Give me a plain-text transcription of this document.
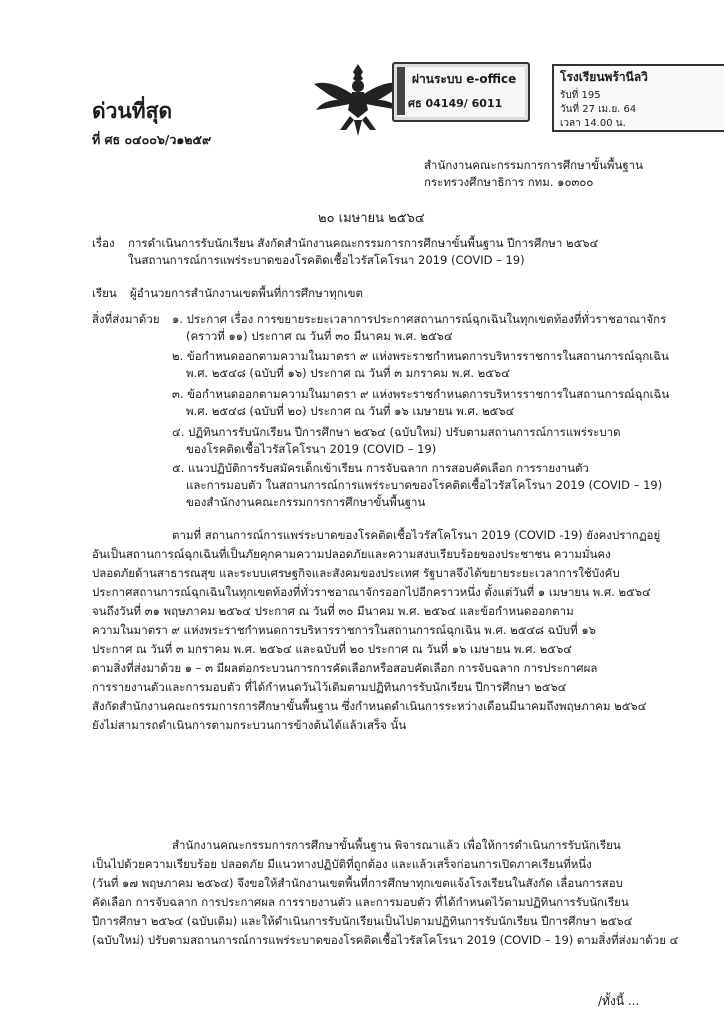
ด่วนที่สุด
ที่ ศธ ๐๔๐๐๖/ว๑๒๕๙
ผ่านระบบ e-office
ศธ 04149/ 6011
โรงเรียนพร้านีลวิ
รับที่ 195
วันที่ 27 เม.ย. 64
เวลา 14.00 น.
สำนักงานคณะกรรมการการศึกษาขั้นพื้นฐาน
กระทรวงศึกษาธิการ กทม. ๑๐๓๐๐
๒๐ เมษายน ๒๕๖๔
เรื่อง การดำเนินการรับนักเรียน สังกัดสำนักงานคณะกรรมการการศึกษาขั้นพื้นฐาน ปีการศึกษา ๒๕๖๔
ในสถานการณ์การแพร่ระบาดของโรคติดเชื้อไวรัสโคโรนา 2019 (COVID – 19)
เรียน ผู้อำนวยการสำนักงานเขตพื้นที่การศึกษาทุกเขต
สิ่งที่ส่งมาด้วย ๑. ประกาศ เรื่อง การขยายระยะเวลาการประกาศสถานการณ์ฉุกเฉินในทุกเขตท้องที่ทั่วราชอาณาจักร
(คราวที่ ๑๑) ประกาศ ณ วันที่ ๓๐ มีนาคม พ.ศ. ๒๕๖๔
๒. ข้อกำหนดออกตามความในมาตรา ๙ แห่งพระราชกำหนดการบริหารราชการในสถานการณ์ฉุกเฉิน
พ.ศ. ๒๕๔๘ (ฉบับที่ ๑๖) ประกาศ ณ วันที่ ๓ มกราคม พ.ศ. ๒๕๖๔
๓. ข้อกำหนดออกตามความในมาตรา ๙ แห่งพระราชกำหนดการบริหารราชการในสถานการณ์ฉุกเฉิน
พ.ศ. ๒๕๔๘ (ฉบับที่ ๒๐) ประกาศ ณ วันที่ ๑๖ เมษายน พ.ศ. ๒๕๖๔
๔. ปฏิทินการรับนักเรียน ปีการศึกษา ๒๕๖๔ (ฉบับใหม่) ปรับตามสถานการณ์การแพร่ระบาด
ของโรคติดเชื้อไวรัสโคโรนา 2019 (COVID – 19)
๕. แนวปฏิบัติการรับสมัครเด็กเข้าเรียน การจับฉลาก การสอบคัดเลือก การรายงานตัว
และการมอบตัว ในสถานการณ์การแพร่ระบาดของโรคติดเชื้อไวรัสโคโรนา 2019 (COVID – 19)
ของสำนักงานคณะกรรมการการศึกษาขั้นพื้นฐาน
ตามที่ สถานการณ์การแพร่ระบาดของโรคติดเชื้อไวรัสโคโรนา 2019 (COVID -19) ยังคงปรากฏอยู่
อันเป็นสถานการณ์ฉุกเฉินที่เป็นภัยคุกคามความปลอดภัยและความสงบเรียบร้อยของประชาชน ความมั่นคง
ปลอดภัยด้านสาธารณสุข และระบบเศรษฐกิจและสังคมของประเทศ รัฐบาลจึงได้ขยายระยะเวลาการใช้บังคับ
ประกาศสถานการณ์ฉุกเฉินในทุกเขตท้องที่ทั่วราชอาณาจักรออกไปอีกคราวหนึ่ง ตั้งแต่วันที่ ๑ เมษายน พ.ศ. ๒๕๖๔
จนถึงวันที่ ๓๑ พฤษภาคม ๒๕๖๔ ประกาศ ณ วันที่ ๓๐ มีนาคม พ.ศ. ๒๕๖๔ และข้อกำหนดออกตาม
ความในมาตรา ๙ แห่งพระราชกำหนดการบริหารราชการในสถานการณ์ฉุกเฉิน พ.ศ. ๒๕๔๘ ฉบับที่ ๑๖
ประกาศ ณ วันที่ ๓ มกราคม พ.ศ. ๒๕๖๔ และฉบับที่ ๒๐ ประกาศ ณ วันที่ ๑๖ เมษายน พ.ศ. ๒๕๖๔
ตามสิ่งที่ส่งมาด้วย ๑ – ๓ มีผลต่อกระบวนการการคัดเลือกหรือสอบคัดเลือก การจับฉลาก การประกาศผล
การรายงานตัวและการมอบตัว ที่ได้กำหนดวันไว้เดิมตามปฏิทินการรับนักเรียน ปีการศึกษา ๒๕๖๔
สังกัดสำนักงานคณะกรรมการการศึกษาขั้นพื้นฐาน ซึ่งกำหนดดำเนินการระหว่างเดือนมีนาคมถึงพฤษภาคม ๒๕๖๔
ยังไม่สามารถดำเนินการตามกระบวนการข้างต้นได้แล้วเสร็จ นั้น
สำนักงานคณะกรรมการการศึกษาขั้นพื้นฐาน พิจารณาแล้ว เพื่อให้การดำเนินการรับนักเรียน
เป็นไปด้วยความเรียบร้อย ปลอดภัย มีแนวทางปฏิบัติที่ถูกต้อง และแล้วเสร็จก่อนการเปิดภาคเรียนที่หนึ่ง
(วันที่ ๑๗ พฤษภาคม ๒๕๖๔) จึงขอให้สำนักงานเขตพื้นที่การศึกษาทุกเขตแจ้งโรงเรียนในสังกัด เลื่อนการสอบ
คัดเลือก การจับฉลาก การประกาศผล การรายงานตัว และการมอบตัว ที่ได้กำหนดไว้ตามปฏิทินการรับนักเรียน
ปีการศึกษา ๒๕๖๔ (ฉบับเดิม) และให้ดำเนินการรับนักเรียนเป็นไปตามปฏิทินการรับนักเรียน ปีการศึกษา ๒๕๖๔
(ฉบับใหม่) ปรับตามสถานการณ์การแพร่ระบาดของโรคติดเชื้อไวรัสโคโรนา 2019 (COVID – 19) ตามสิ่งที่ส่งมาด้วย ๔
/ทั้งนี้ ...
